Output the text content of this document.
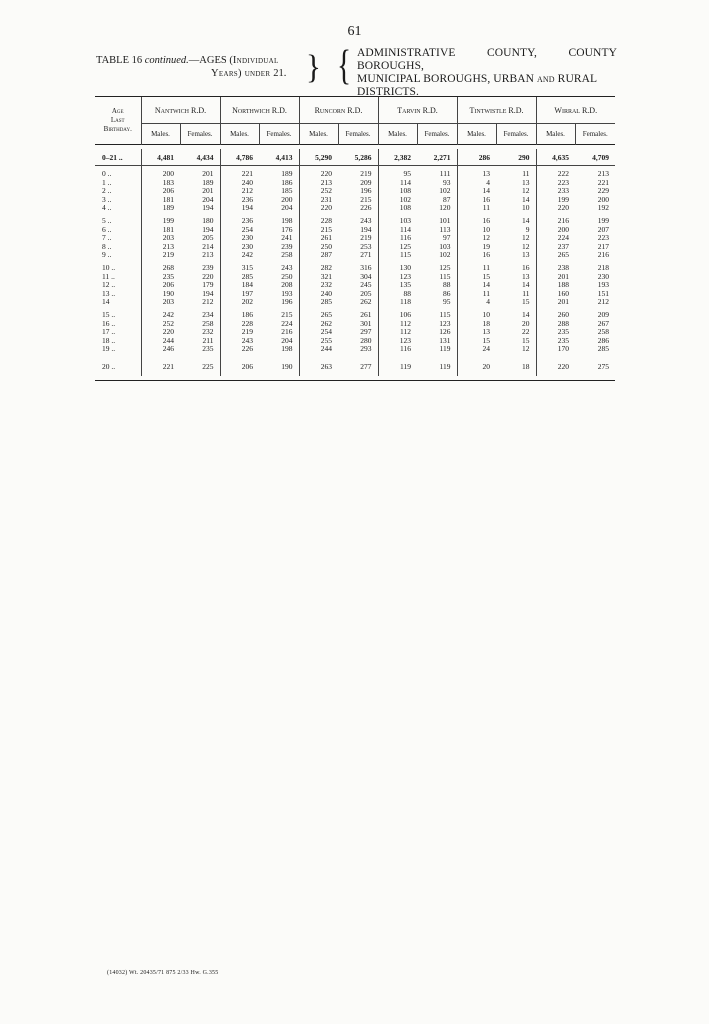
61
TABLE 16 continued.—AGES (Individual
Years) under 21. } { ADMINISTRATIVE COUNTY, COUNTY BOROUGHS,
MUNICIPAL BOROUGHS, URBAN and RURAL
DISTRICTS.

Age
Last
Birthday.	Nantwich R.D.		Northwich R.D.		Runcorn R.D.		Tarvin R.D.		Tintwistle R.D.		Wirral R.D.	
	Males.	Females.	Males.	Females.	Males.	Females.	Males.	Females.	Males.	Females.	Males.	Females.

0–21 ..	4,481	4,434	4,786	4,413	5,290	5,286	2,382	2,271	286	290	4,635	4,709

0 ..	200	201	221	189	220	219	95	111	13	11	222	213
1 ..	183	189	240	186	213	209	114	93	4	13	223	221
2 ..	206	201	212	185	252	196	108	102	14	12	233	229
3 ..	181	204	236	200	231	215	102	87	16	14	199	200
4 ..	189	194	194	204	220	226	108	120	11	10	220	192

5 ..	199	180	236	198	228	243	103	101	16	14	216	199
6 ..	181	194	254	176	215	194	114	113	10	9	200	207
7 ..	203	205	230	241	261	219	116	97	12	12	224	223
8 ..	213	214	230	239	250	253	125	103	19	12	237	217
9 ..	219	213	242	258	287	271	115	102	16	13	265	216

10 ..	268	239	315	243	282	316	130	125	11	16	238	218
11 ..	235	220	285	250	321	304	123	115	15	13	201	230
12 ..	206	179	184	208	232	245	135	88	14	14	188	193
13 ..	190	194	197	193	240	205	88	86	11	11	160	151
14	203	212	202	196	285	262	118	95	4	15	201	212

15 ..	242	234	186	215	265	261	106	115	10	14	260	209
16 ..	252	258	228	224	262	301	112	123	18	20	288	267
17 ..	220	232	219	216	254	297	112	126	13	22	235	258
18 ..	244	211	243	204	255	280	123	131	15	15	235	286
19 ..	246	235	226	198	244	293	116	119	24	12	170	285

20 ..	221	225	206	190	263	277	119	119	20	18	220	275

(14032) Wt. 20435/71 875 2/33 Hw. G.355
